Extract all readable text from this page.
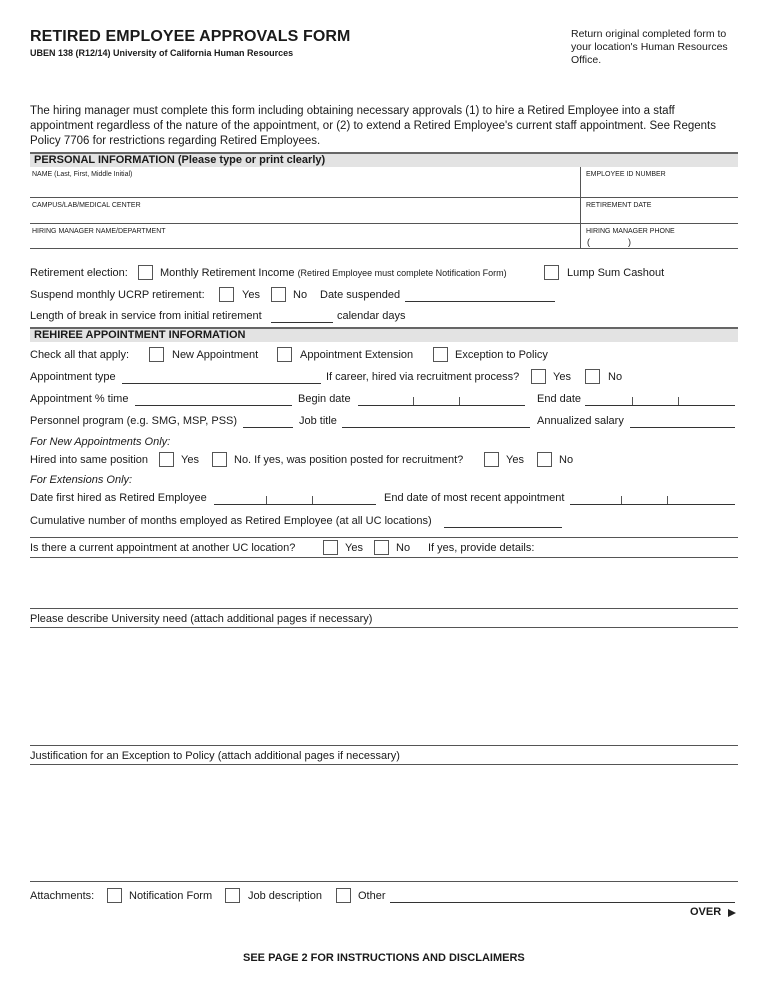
RETIRED EMPLOYEE APPROVALS FORM
UBEN 138 (R12/14) University of California Human Resources
Return original completed form to your location's Human Resources Office.
The hiring manager must complete this form including obtaining necessary approvals (1) to hire a Retired Employee into a staff appointment regardless of the nature of the appointment, or (2) to extend a Retired Employee's current staff appointment. See Regents Policy 7706 for restrictions regarding Retired Employees.
PERSONAL INFORMATION (Please type or print clearly)
NAME (Last, First, Middle Initial)	EMPLOYEE ID NUMBER
CAMPUS/LAB/MEDICAL CENTER	RETIREMENT DATE
HIRING MANAGER NAME/DEPARTMENT	HIRING MANAGER PHONE
(	)
Retirement election:	Monthly Retirement Income (Retired Employee must complete Notification Form)	Lump Sum Cashout
Suspend monthly UCRP retirement:	Yes	No Date suspended
Length of break in service from initial retirement	calendar days
REHIREE APPOINTMENT INFORMATION
Check all that apply:	New Appointment	Appointment Extension	Exception to Policy
Appointment type	If career, hired via recruitment process?	Yes	No
Appointment % time	Begin date	End date
Personnel program (e.g. SMG, MSP, PSS)	Job title	Annualized salary
For New Appointments Only:
Hired into same position	Yes	No. If yes, was position posted for recruitment?	Yes	No
For Extensions Only:
Date first hired as Retired Employee	End date of most recent appointment
Cumulative number of months employed as Retired Employee (at all UC locations)
Is there a current appointment at another UC location?	Yes	No If yes, provide details:
Please describe University need (attach additional pages if necessary)
Justification for an Exception to Policy (attach additional pages if necessary)
Attachments:	Notification Form	Job description	Other
OVER
SEE PAGE 2 FOR INSTRUCTIONS AND DISCLAIMERS
